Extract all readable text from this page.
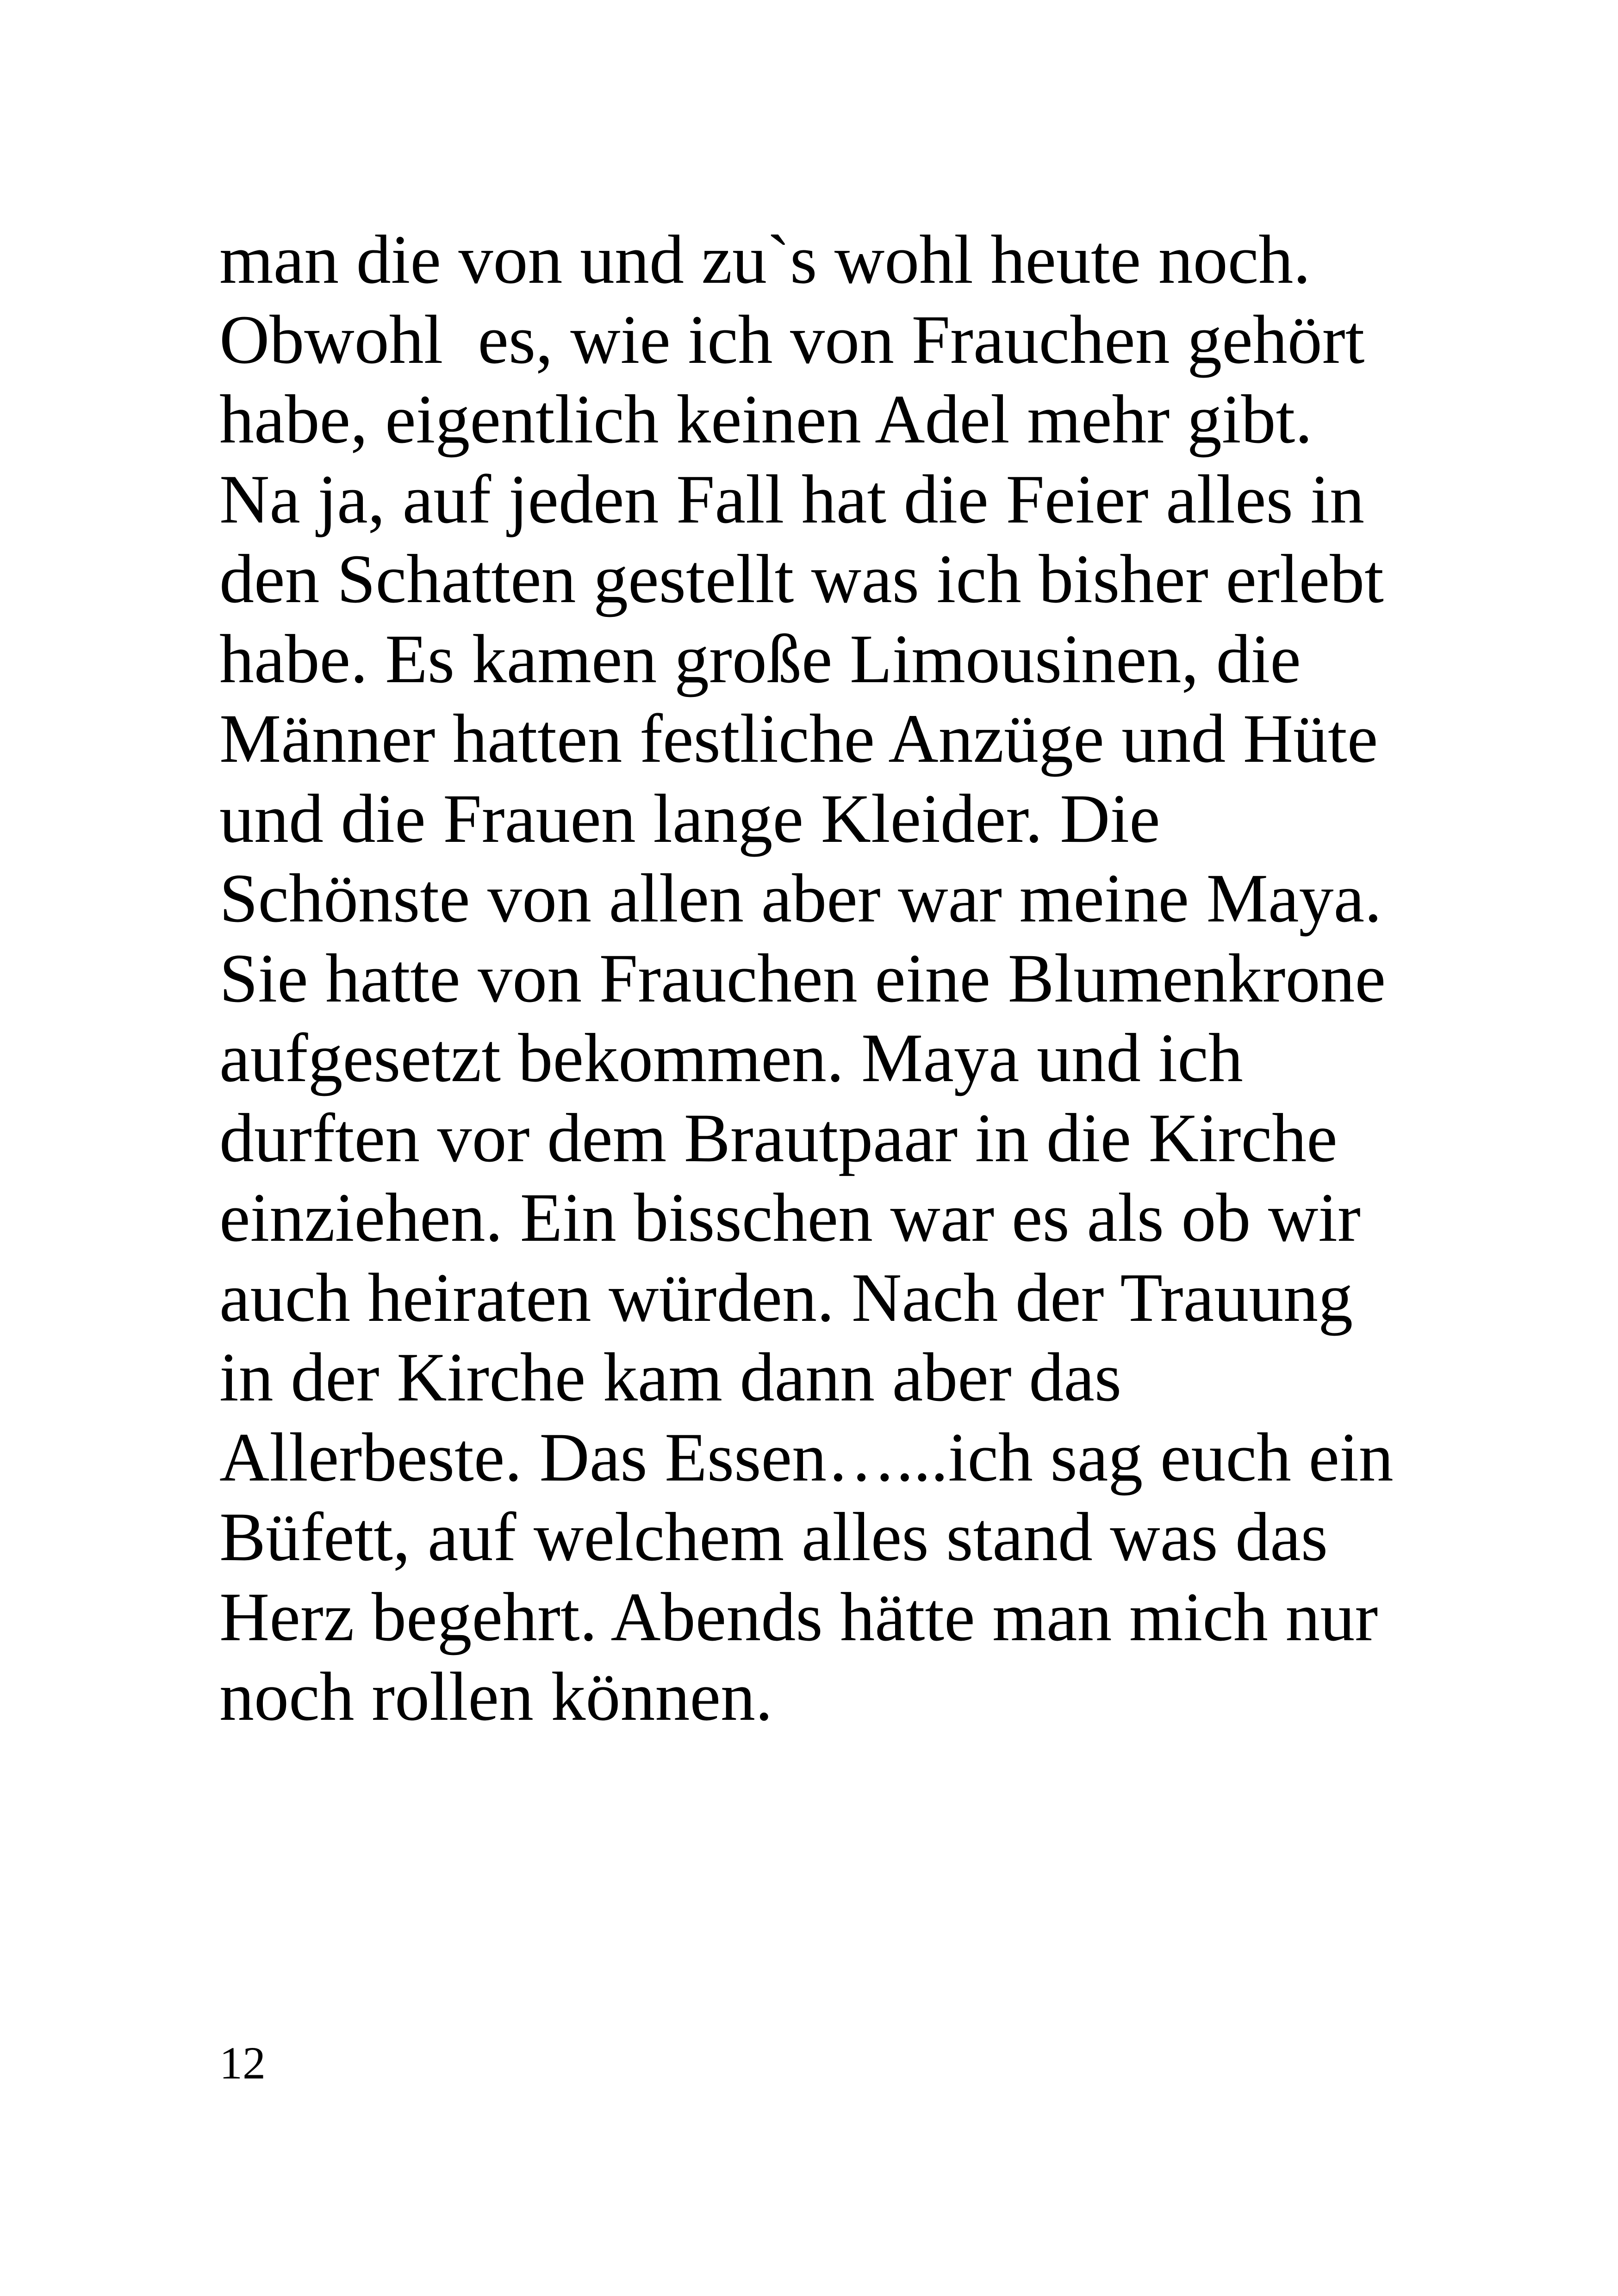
man die von und zu`s wohl heute noch.
Obwohl  es, wie ich von Frauchen gehört
habe, eigentlich keinen Adel mehr gibt.
Na ja, auf jeden Fall hat die Feier alles in
den Schatten gestellt was ich bisher erlebt
habe. Es kamen große Limousinen, die
Männer hatten festliche Anzüge und Hüte
und die Frauen lange Kleider. Die
Schönste von allen aber war meine Maya.
Sie hatte von Frauchen eine Blumenkrone
aufgesetzt bekommen. Maya und ich
durften vor dem Brautpaar in die Kirche
einziehen. Ein bisschen war es als ob wir
auch heiraten würden. Nach der Trauung
in der Kirche kam dann aber das
Allerbeste. Das Essen…...ich sag euch ein
Büfett, auf welchem alles stand was das
Herz begehrt. Abends hätte man mich nur
noch rollen können.
12
